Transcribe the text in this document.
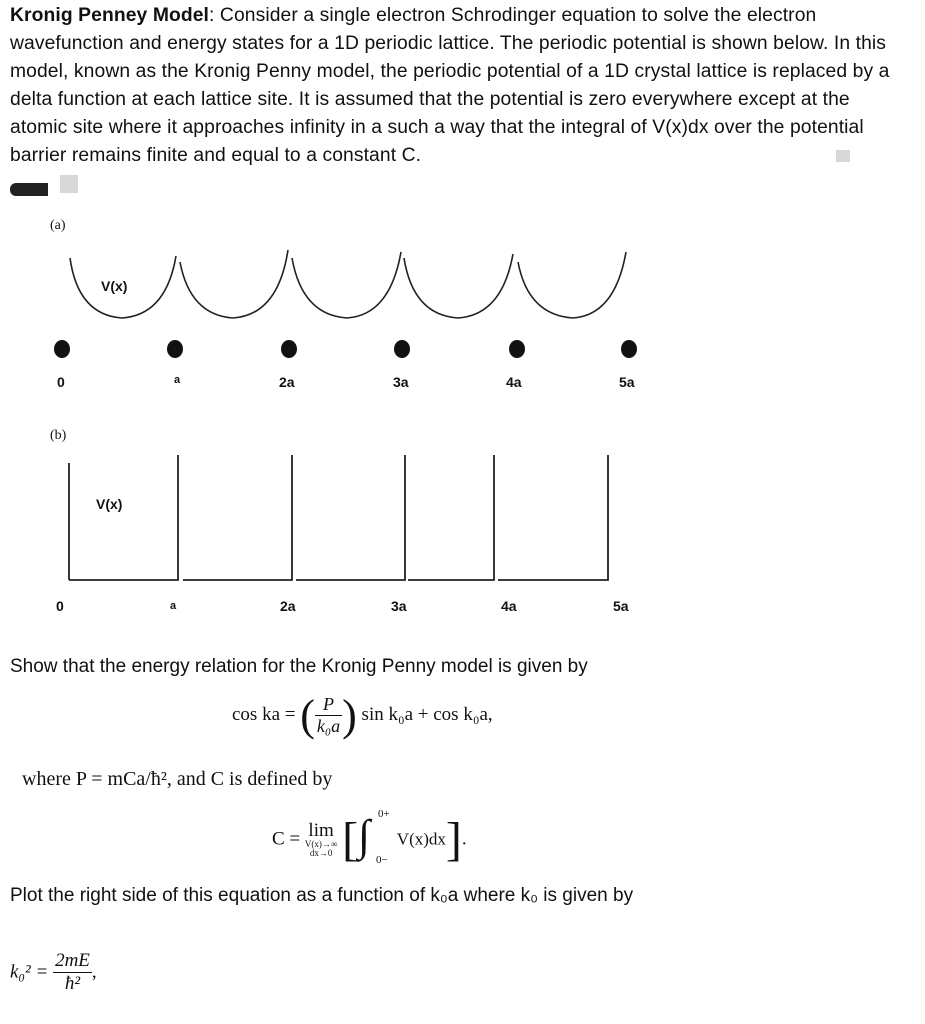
Kronig Penney Model: Consider a single electron Schrodinger equation to solve the electron wavefunction and energy states for a 1D periodic lattice. The periodic potential is shown below. In this model, known as the Kronig Penny model, the periodic potential of a 1D crystal lattice is replaced by a delta function at each lattice site. It is assumed that the potential is zero everywhere except at the atomic site where it approaches infinity in a such a way that the integral of V(x)dx over the potential barrier remains finite and equal to a constant C.
(a)
V(x)
0	a	2a	3a	4a	5a
(b)
V(x)
0	a	2a	3a	4a	5a
Show that the energy relation for the Kronig Penny model is given by
cos ka = ( $\frac{P}{\text{k₀a}}$ ) sin k₀a + cos k₀a,
where P = mCa/ħ², and C is defined by
C = lim
V(x)→∞
dx→0 [ ∫ 0+
0−
V(x)dx].
Plot the right side of this equation as a function of k₀a where k₀ is given by
$k_0^2 = \frac{2mE}{\text{ħ²}}$ ,
